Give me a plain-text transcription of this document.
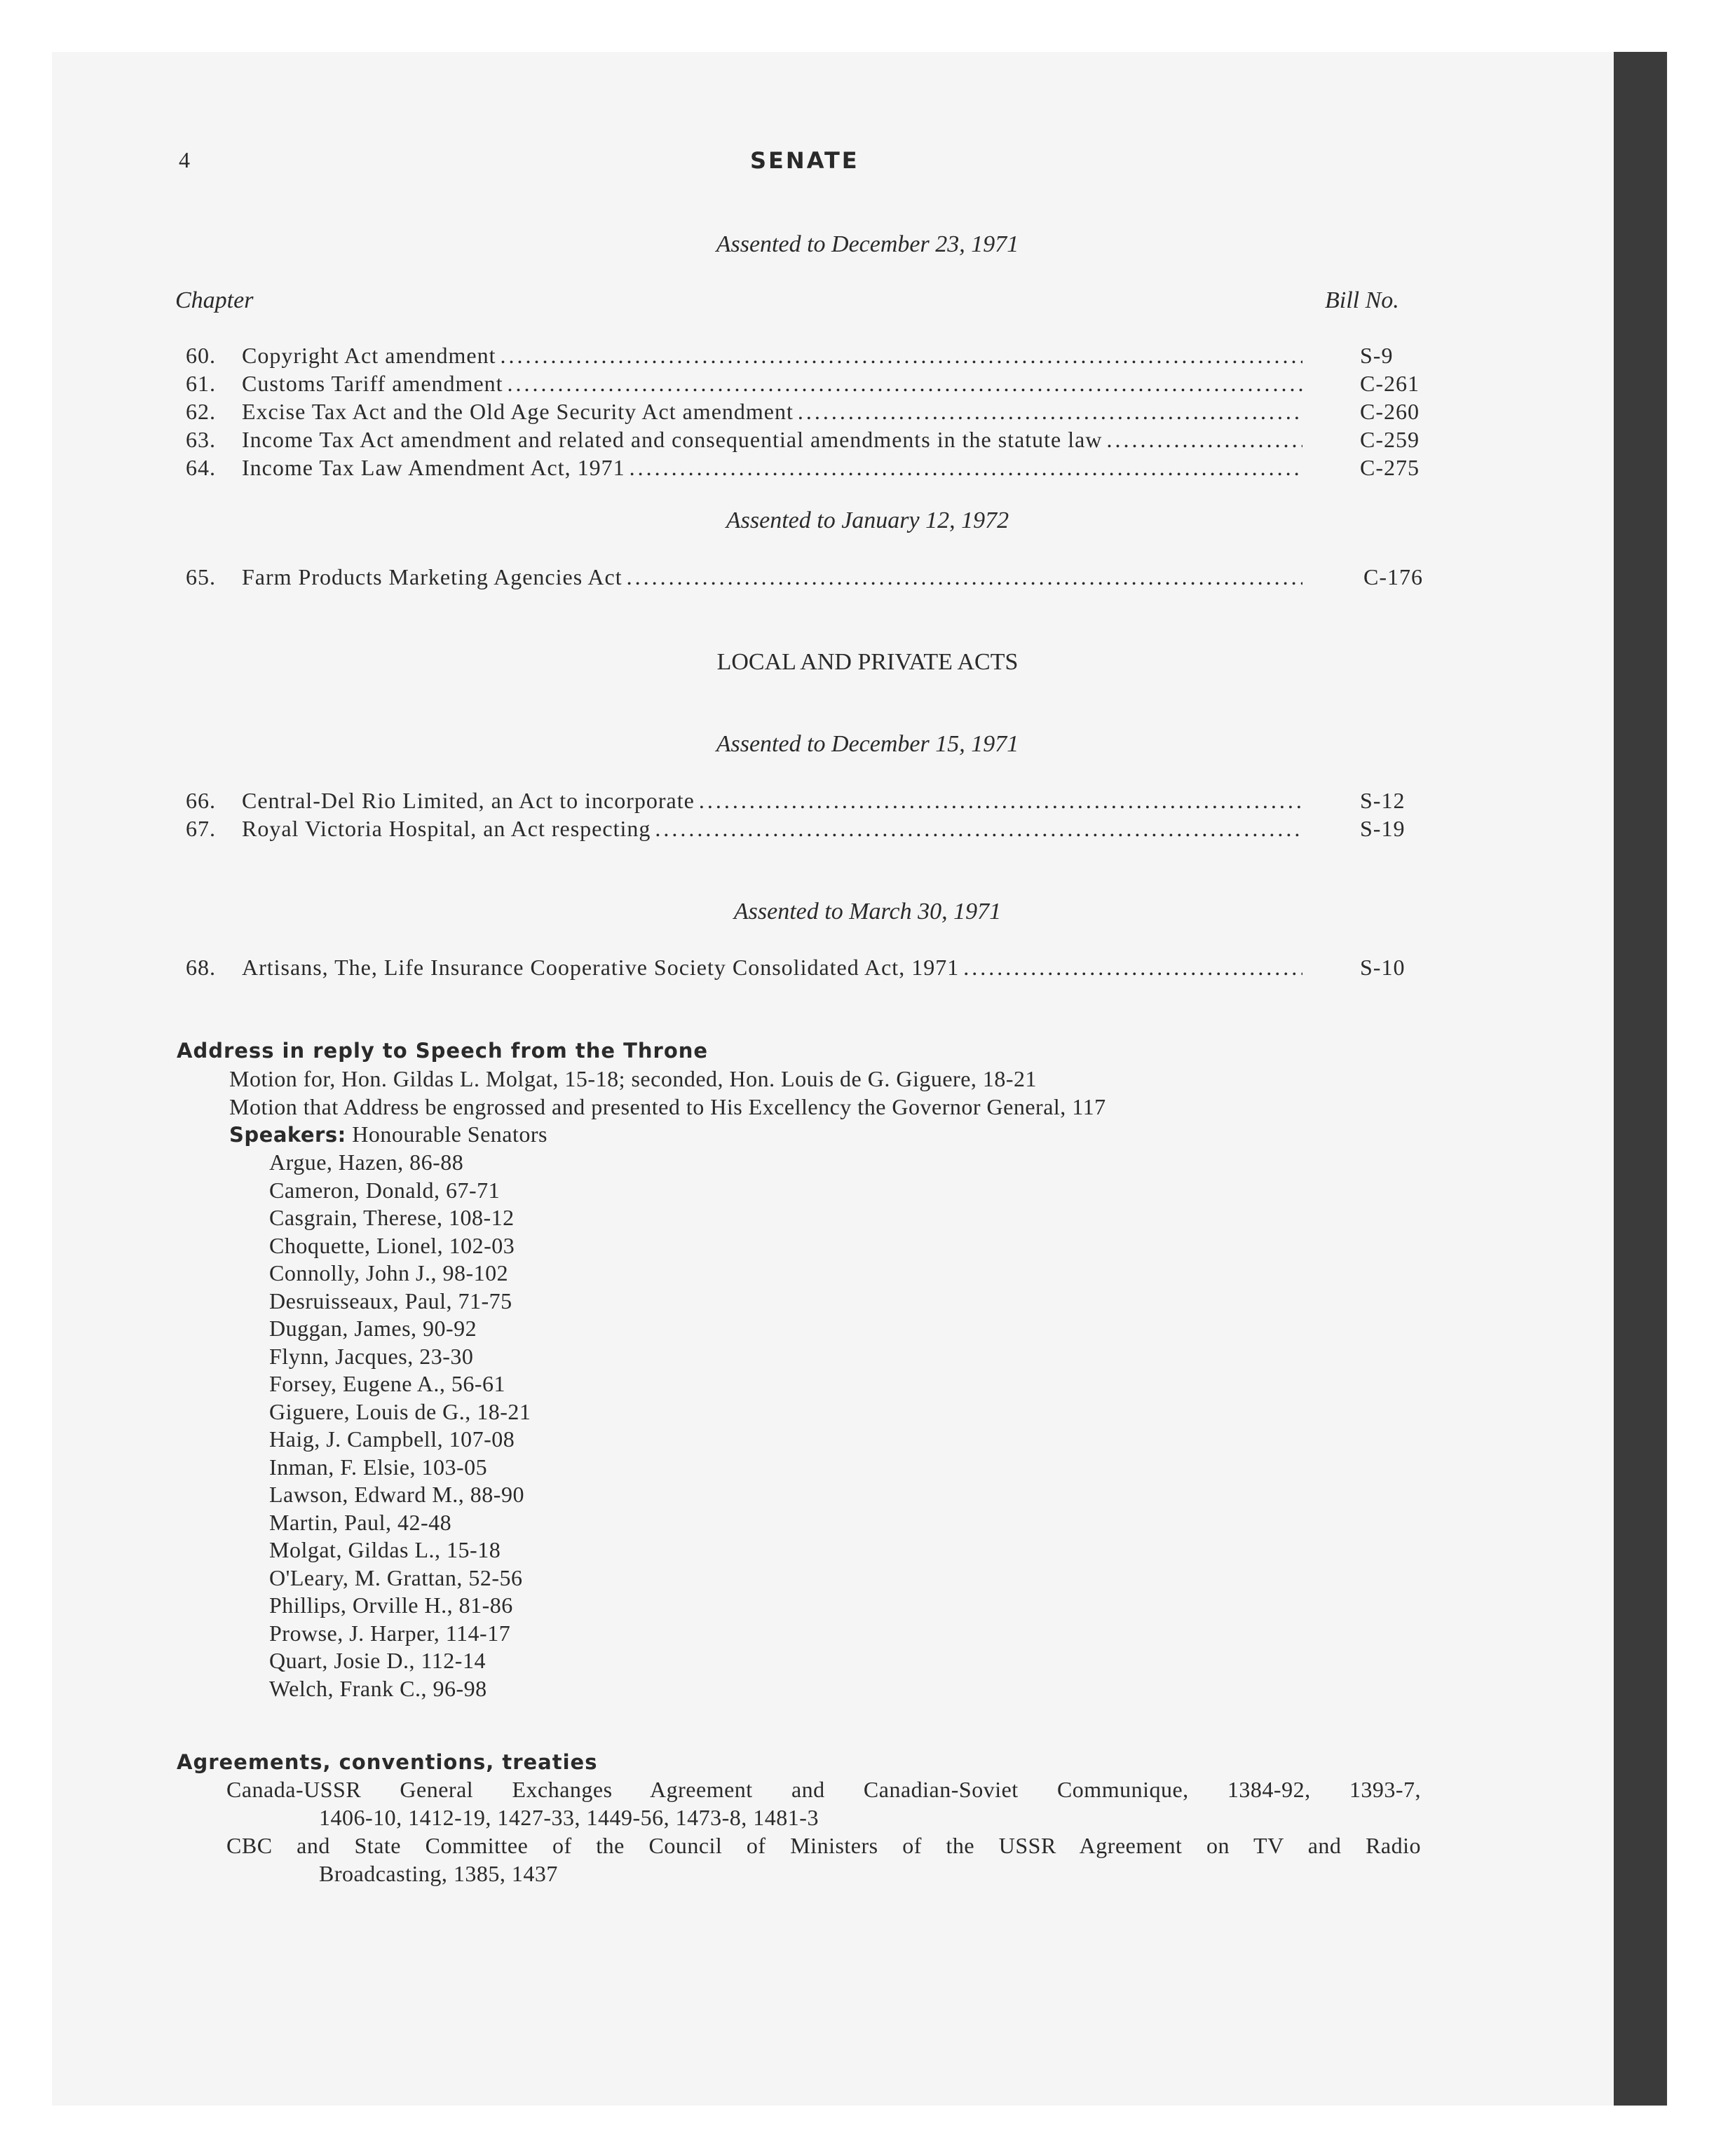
4	SENATE
Assented to December 23, 1971
Chapter	Bill No.
60. Copyright Act amendment . . .	S-9
61. Customs Tariff amendment . . .	C-261
62. Excise Tax Act and the Old Age Security Act amendment . . .	C-260
63. Income Tax Act amendment and related and consequential amendments in the statute law . . .	C-259
64. Income Tax Law Amendment Act, 1971 . . .	C-275
Assented to January 12, 1972
65. Farm Products Marketing Agencies Act . . .	C-176
LOCAL AND PRIVATE ACTS
Assented to December 15, 1971
66. Central-Del Rio Limited, an Act to incorporate . . .	S-12
67. Royal Victoria Hospital, an Act respecting . . .	S-19
Assented to March 30, 1971
68. Artisans, The, Life Insurance Cooperative Society Consolidated Act, 1971 . . .	S-10
Address in reply to Speech from the Throne
Motion for, Hon. Gildas L. Molgat, 15-18; seconded, Hon. Louis de G. Giguere, 18-21
Motion that Address be engrossed and presented to His Excellency the Governor General, 117
Speakers: Honourable Senators
Argue, Hazen, 86-88
Cameron, Donald, 67-71
Casgrain, Therese, 108-12
Choquette, Lionel, 102-03
Connolly, John J., 98-102
Desruisseaux, Paul, 71-75
Duggan, James, 90-92
Flynn, Jacques, 23-30
Forsey, Eugene A., 56-61
Giguere, Louis de G., 18-21
Haig, J. Campbell, 107-08
Inman, F. Elsie, 103-05
Lawson, Edward M., 88-90
Martin, Paul, 42-48
Molgat, Gildas L., 15-18
O'Leary, M. Grattan, 52-56
Phillips, Orville H., 81-86
Prowse, J. Harper, 114-17
Quart, Josie D., 112-14
Welch, Frank C., 96-98
Agreements, conventions, treaties
Canada-USSR General Exchanges Agreement and Canadian-Soviet Communique, 1384-92, 1393-7,
1406-10, 1412-19, 1427-33, 1449-56, 1473-8, 1481-3
CBC and State Committee of the Council of Ministers of the USSR Agreement on TV and Radio
Broadcasting, 1385, 1437
